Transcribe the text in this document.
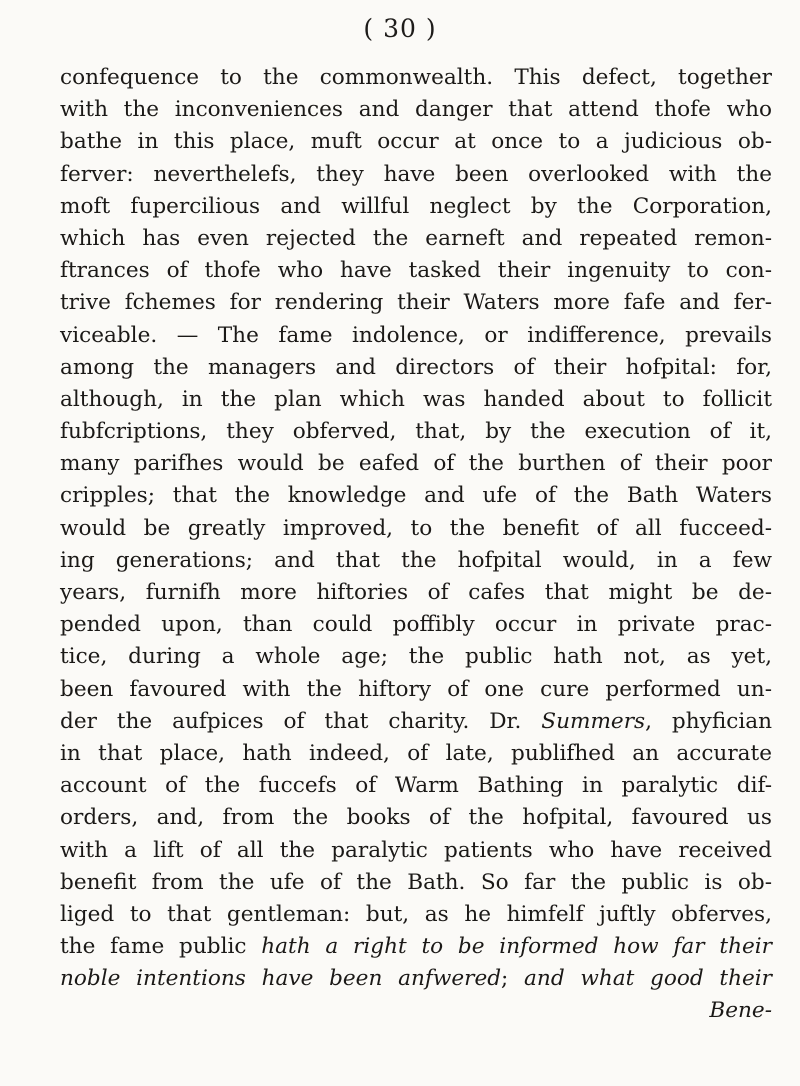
( 30 )
confequence to the commonwealth. This defect, together
with the inconveniences and danger that attend thofe who
bathe in this place, muft occur at once to a judicious ob-
ferver: neverthelefs, they have been overlooked with the
moft fupercilious and willful neglect by the Corporation,
which has even rejected the earneft and repeated remon-
ftrances of thofe who have tasked their ingenuity to con-
trive fchemes for rendering their Waters more fafe and fer-
viceable. — The fame indolence, or indifference, prevails
among the managers and directors of their hofpital: for,
although, in the plan which was handed about to follicit
fubfcriptions, they obferved, that, by the execution of it,
many parifhes would be eafed of the burthen of their poor
cripples; that the knowledge and ufe of the Bath Waters
would be greatly improved, to the benefit of all fucceed-
ing generations; and that the hofpital would, in a few
years, furnifh more hiftories of cafes that might be de-
pended upon, than could poffibly occur in private prac-
tice, during a whole age; the public hath not, as yet,
been favoured with the hiftory of one cure performed un-
der the aufpices of that charity. Dr. Summers, phyfician
in that place, hath indeed, of late, publifhed an accurate
account of the fuccefs of Warm Bathing in paralytic dif-
orders, and, from the books of the hofpital, favoured us
with a lift of all the paralytic patients who have received
benefit from the ufe of the Bath. So far the public is ob-
liged to that gentleman: but, as he himfelf juftly obferves,
the fame public hath a right to be informed how far their
noble intentions have been anfwered; and what good their
Bene-
